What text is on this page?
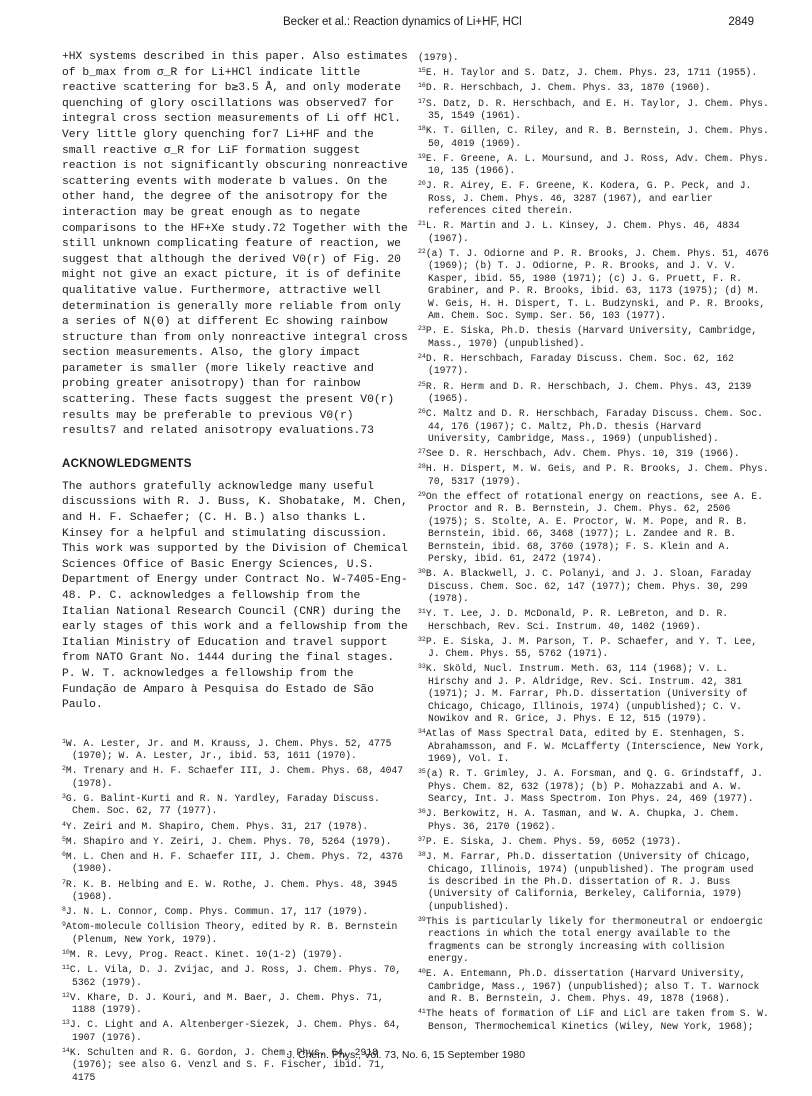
Becker et al.: Reaction dynamics of Li+HF, HCl	2849

+HX systems described in this paper. Also estimates of b_max from σ_R for Li+HCl indicate little reactive scattering for b≳3.5 Å, and only moderate quenching of glory oscillations was observed7 for integral cross section measurements of Li off HCl. Very little glory quenching for7 Li+HF and the small reactive σ_R for LiF formation suggest reaction is not significantly obscuring nonreactive scattering events with moderate b values. On the other hand, the degree of the anisotropy for the interaction may be great enough as to negate comparisons to the HF+Xe study.72 Together with the still unknown complicating feature of reaction, we suggest that although the derived V0(r) of Fig. 20 might not give an exact picture, it is of definite qualitative value. Furthermore, attractive well determination is generally more reliable from only a series of N(Θ) at different Ec showing rainbow structure than from only nonreactive integral cross section measurements. Also, the glory impact parameter is smaller (more likely reactive and probing greater anisotropy) than for rainbow scattering. These facts suggest the present V0(r) results may be preferable to previous V0(r) results7 and related anisotropy evaluations.73

ACKNOWLEDGMENTS

The authors gratefully acknowledge many useful discussions with R. J. Buss, K. Shobatake, M. Chen, and H. F. Schaefer; (C. H. B.) also thanks L. Kinsey for a helpful and stimulating discussion. This work was supported by the Division of Chemical Sciences Office of Basic Energy Sciences, U.S. Department of Energy under Contract No. W-7405-Eng-48. P. C. acknowledges a fellowship from the Italian National Research Council (CNR) during the early stages of this work and a fellowship from the Italian Ministry of Education and travel support from NATO Grant No. 1444 during the final stages. P. W. T. acknowledges a fellowship from the Fundação de Amparo à Pesquisa do Estado de São Paulo.

$^1$W. A. Lester, Jr. and M. Krauss, J. Chem. Phys. 52, 4775 (1970); W. A. Lester, Jr., ibid. 53, 1611 (1970).

$^2$M. Trenary and H. F. Schaefer III, J. Chem. Phys. 68, 4047 (1978).

$^3$G. G. Balint-Kurti and R. N. Yardley, Faraday Discuss. Chem. Soc. 62, 77 (1977).

$^4$Y. Zeiri and M. Shapiro, Chem. Phys. 31, 217 (1978).

$^5$M. Shapiro and Y. Zeiri, J. Chem. Phys. 70, 5264 (1979).

$^6$M. L. Chen and H. F. Schaefer III, J. Chem. Phys. 72, 4376 (1980).

$^7$R. K. B. Helbing and E. W. Rothe, J. Chem. Phys. 48, 3945 (1968).

$^8$J. N. L. Connor, Comp. Phys. Commun. 17, 117 (1979).

$^9$Atom-molecule Collision Theory, edited by R. B. Bernstein (Plenum, New York, 1979).

$^{10}$M. R. Levy, Prog. React. Kinet. 10(1-2) (1979).

$^{11}$C. L. Vila, D. J. Zvijac, and J. Ross, J. Chem. Phys. 70, 5362 (1979).

$^{12}$V. Khare, D. J. Kouri, and M. Baer, J. Chem. Phys. 71, 1188 (1979).

$^{13}$J. C. Light and A. Altenberger-Siezek, J. Chem. Phys. 64, 1907 (1976).

$^{14}$K. Schulten and R. G. Gordon, J. Chem. Phys. 64, 2918 (1976); see also G. Venzl and S. F. Fischer, ibid. 71, 4175

(1979).

$^{15}$E. H. Taylor and S. Datz, J. Chem. Phys. 23, 1711 (1955).

$^{16}$D. R. Herschbach, J. Chem. Phys. 33, 1870 (1960).

$^{17}$S. Datz, D. R. Herschbach, and E. H. Taylor, J. Chem. Phys. 35, 1549 (1961).

$^{18}$K. T. Gillen, C. Riley, and R. B. Bernstein, J. Chem. Phys. 50, 4019 (1969).

$^{19}$E. F. Greene, A. L. Moursund, and J. Ross, Adv. Chem. Phys. 10, 135 (1966).

$^{20}$J. R. Airey, E. F. Greene, K. Kodera, G. P. Peck, and J. Ross, J. Chem. Phys. 46, 3287 (1967), and earlier references cited therein.

$^{21}$L. R. Martin and J. L. Kinsey, J. Chem. Phys. 46, 4834 (1967).

$^{22}$(a) T. J. Odiorne and P. R. Brooks, J. Chem. Phys. 51, 4676 (1969); (b) T. J. Odiorne, P. R. Brooks, and J. V. V. Kasper, ibid. 55, 1980 (1971); (c) J. G. Pruett, F. R. Grabiner, and P. R. Brooks, ibid. 63, 1173 (1975); (d) M. W. Geis, H. H. Dispert, T. L. Budzynski, and P. R. Brooks, Am. Chem. Soc. Symp. Ser. 56, 103 (1977).

$^{23}$P. E. Siska, Ph.D. thesis (Harvard University, Cambridge, Mass., 1970) (unpublished).

$^{24}$D. R. Herschbach, Faraday Discuss. Chem. Soc. 62, 162 (1977).

$^{25}$R. R. Herm and D. R. Herschbach, J. Chem. Phys. 43, 2139 (1965).

$^{26}$C. Maltz and D. R. Herschbach, Faraday Discuss. Chem. Soc. 44, 176 (1967); C. Maltz, Ph.D. thesis (Harvard University, Cambridge, Mass., 1969) (unpublished).

$^{27}$See D. R. Herschbach, Adv. Chem. Phys. 10, 319 (1966).

$^{28}$H. H. Dispert, M. W. Geis, and P. R. Brooks, J. Chem. Phys. 70, 5317 (1979).

$^{29}$On the effect of rotational energy on reactions, see A. E. Proctor and R. B. Bernstein, J. Chem. Phys. 62, 2506 (1975); S. Stolte, A. E. Proctor, W. M. Pope, and R. B. Bernstein, ibid. 66, 3468 (1977); L. Zandee and R. B. Bernstein, ibid. 68, 3760 (1978); F. S. Klein and A. Persky, ibid. 61, 2472 (1974).

$^{30}$B. A. Blackwell, J. C. Polanyi, and J. J. Sloan, Faraday Discuss. Chem. Soc. 62, 147 (1977); Chem. Phys. 30, 299 (1978).

$^{31}$Y. T. Lee, J. D. McDonald, P. R. LeBreton, and D. R. Herschbach, Rev. Sci. Instrum. 40, 1402 (1969).

$^{32}$P. E. Siska, J. M. Parson, T. P. Schaefer, and Y. T. Lee, J. Chem. Phys. 55, 5762 (1971).

$^{33}$K. Sköld, Nucl. Instrum. Meth. 63, 114 (1968); V. L. Hirschy and J. P. Aldridge, Rev. Sci. Instrum. 42, 381 (1971); J. M. Farrar, Ph.D. dissertation (University of Chicago, Chicago, Illinois, 1974) (unpublished); C. V. Nowikov and R. Grice, J. Phys. E 12, 515 (1979).

$^{34}$Atlas of Mass Spectral Data, edited by E. Stenhagen, S. Abrahamsson, and F. W. McLafferty (Interscience, New York, 1969), Vol. I.

$^{35}$(a) R. T. Grimley, J. A. Forsman, and Q. G. Grindstaff, J. Phys. Chem. 82, 632 (1978); (b) P. Mohazzabi and A. W. Searcy, Int. J. Mass Spectrom. Ion Phys. 24, 469 (1977).

$^{36}$J. Berkowitz, H. A. Tasman, and W. A. Chupka, J. Chem. Phys. 36, 2170 (1962).

$^{37}$P. E. Siska, J. Chem. Phys. 59, 6052 (1973).

$^{38}$J. M. Farrar, Ph.D. dissertation (University of Chicago, Chicago, Illinois, 1974) (unpublished). The program used is described in the Ph.D. dissertation of R. J. Buss (University of California, Berkeley, California, 1979) (unpublished).

$^{39}$This is particularly likely for thermoneutral or endoergic reactions in which the total energy available to the fragments can be strongly increasing with collision energy.

$^{40}$E. A. Entemann, Ph.D. dissertation (Harvard University, Cambridge, Mass., 1967) (unpublished); also T. T. Warnock and R. B. Bernstein, J. Chem. Phys. 49, 1878 (1968).

$^{41}$The heats of formation of LiF and LiCl are taken from S. W. Benson, Thermochemical Kinetics (Wiley, New York, 1968);

J. Chem. Phys., Vol. 73, No. 6, 15 September 1980
